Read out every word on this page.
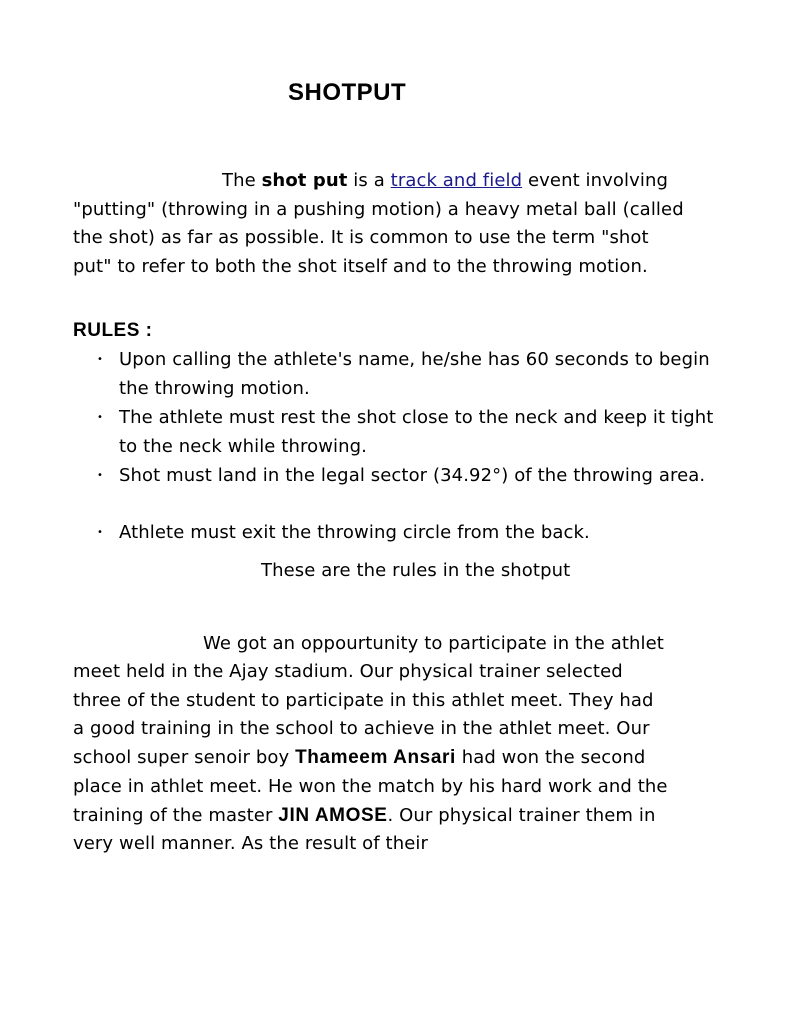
SHOTPUT

The shot put is a track and field event involving

"putting" (throwing in a pushing motion) a heavy metal ball (called

the shot) as far as possible. It is common to use the term "shot

put" to refer to both the shot itself and to the throwing motion.

RULES :
• Upon calling the athlete's name, he/she has 60 seconds to begin the throwing motion.
• The athlete must rest the shot close to the neck and keep it tight to the neck while throwing.
• Shot must land in the legal sector (34.92°) of the throwing area.
• Athlete must exit the throwing circle from the back.

These are the rules in the shotput

We got an oppourtunity to participate in the athlet

meet held in the Ajay stadium. Our physical trainer selected

three of the student to participate in this athlet meet. They had

a good training in the school to achieve in the athlet meet. Our

school super senoir boy Thameem Ansari had won the second

place in athlet meet. He won the match by his hard work and the

training of the master JIN AMOSE. Our physical trainer them in

very well manner. As the result of their
